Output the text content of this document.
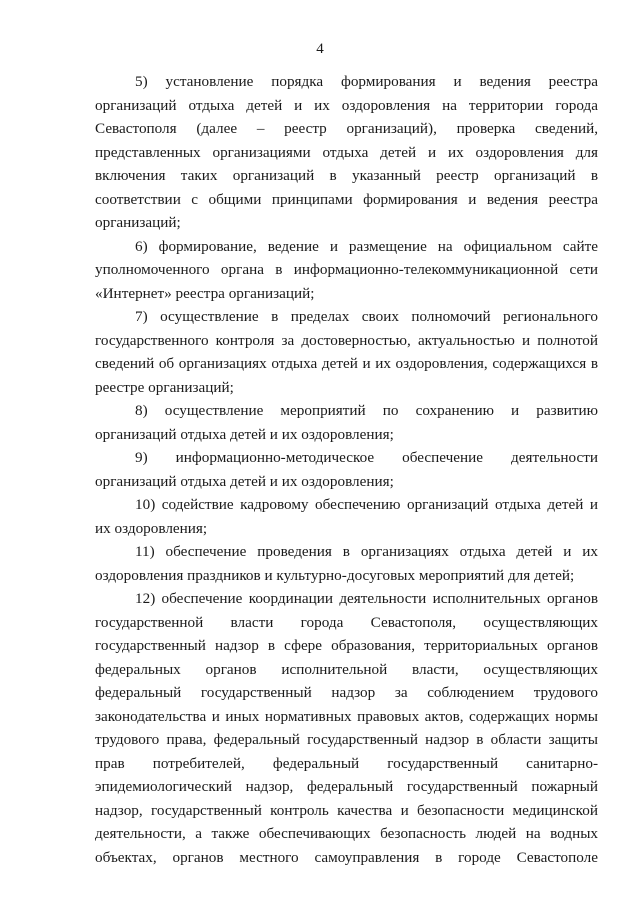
4

5) установление порядка формирования и ведения реестра организаций отдыха детей и их оздоровления на территории города Севастополя (далее – реестр организаций), проверка сведений, представленных организациями отдыха детей и их оздоровления для включения таких организаций в указанный реестр организаций в соответствии с общими принципами формирования и ведения реестра организаций;

6) формирование, ведение и размещение на официальном сайте уполномоченного органа в информационно-телекоммуникационной сети «Интернет» реестра организаций;

7) осуществление в пределах своих полномочий регионального государственного контроля за достоверностью, актуальностью и полнотой сведений об организациях отдыха детей и их оздоровления, содержащихся в реестре организаций;

8) осуществление мероприятий по сохранению и развитию организаций отдыха детей и их оздоровления;

9) информационно-методическое обеспечение деятельности организаций отдыха детей и их оздоровления;

10) содействие кадровому обеспечению организаций отдыха детей и их оздоровления;

11) обеспечение проведения в организациях отдыха детей и их оздоровления праздников и культурно-досуговых мероприятий для детей;

12) обеспечение координации деятельности исполнительных органов государственной власти города Севастополя, осуществляющих государственный надзор в сфере образования, территориальных органов федеральных органов исполнительной власти, осуществляющих федеральный государственный надзор за соблюдением трудового законодательства и иных нормативных правовых актов, содержащих нормы трудового права, федеральный государственный надзор в области защиты прав потребителей, федеральный государственный санитарно-эпидемиологический надзор, федеральный государственный пожарный надзор, государственный контроль качества и безопасности медицинской деятельности, а также обеспечивающих безопасность людей на водных объектах, органов местного самоуправления в городе Севастополе
